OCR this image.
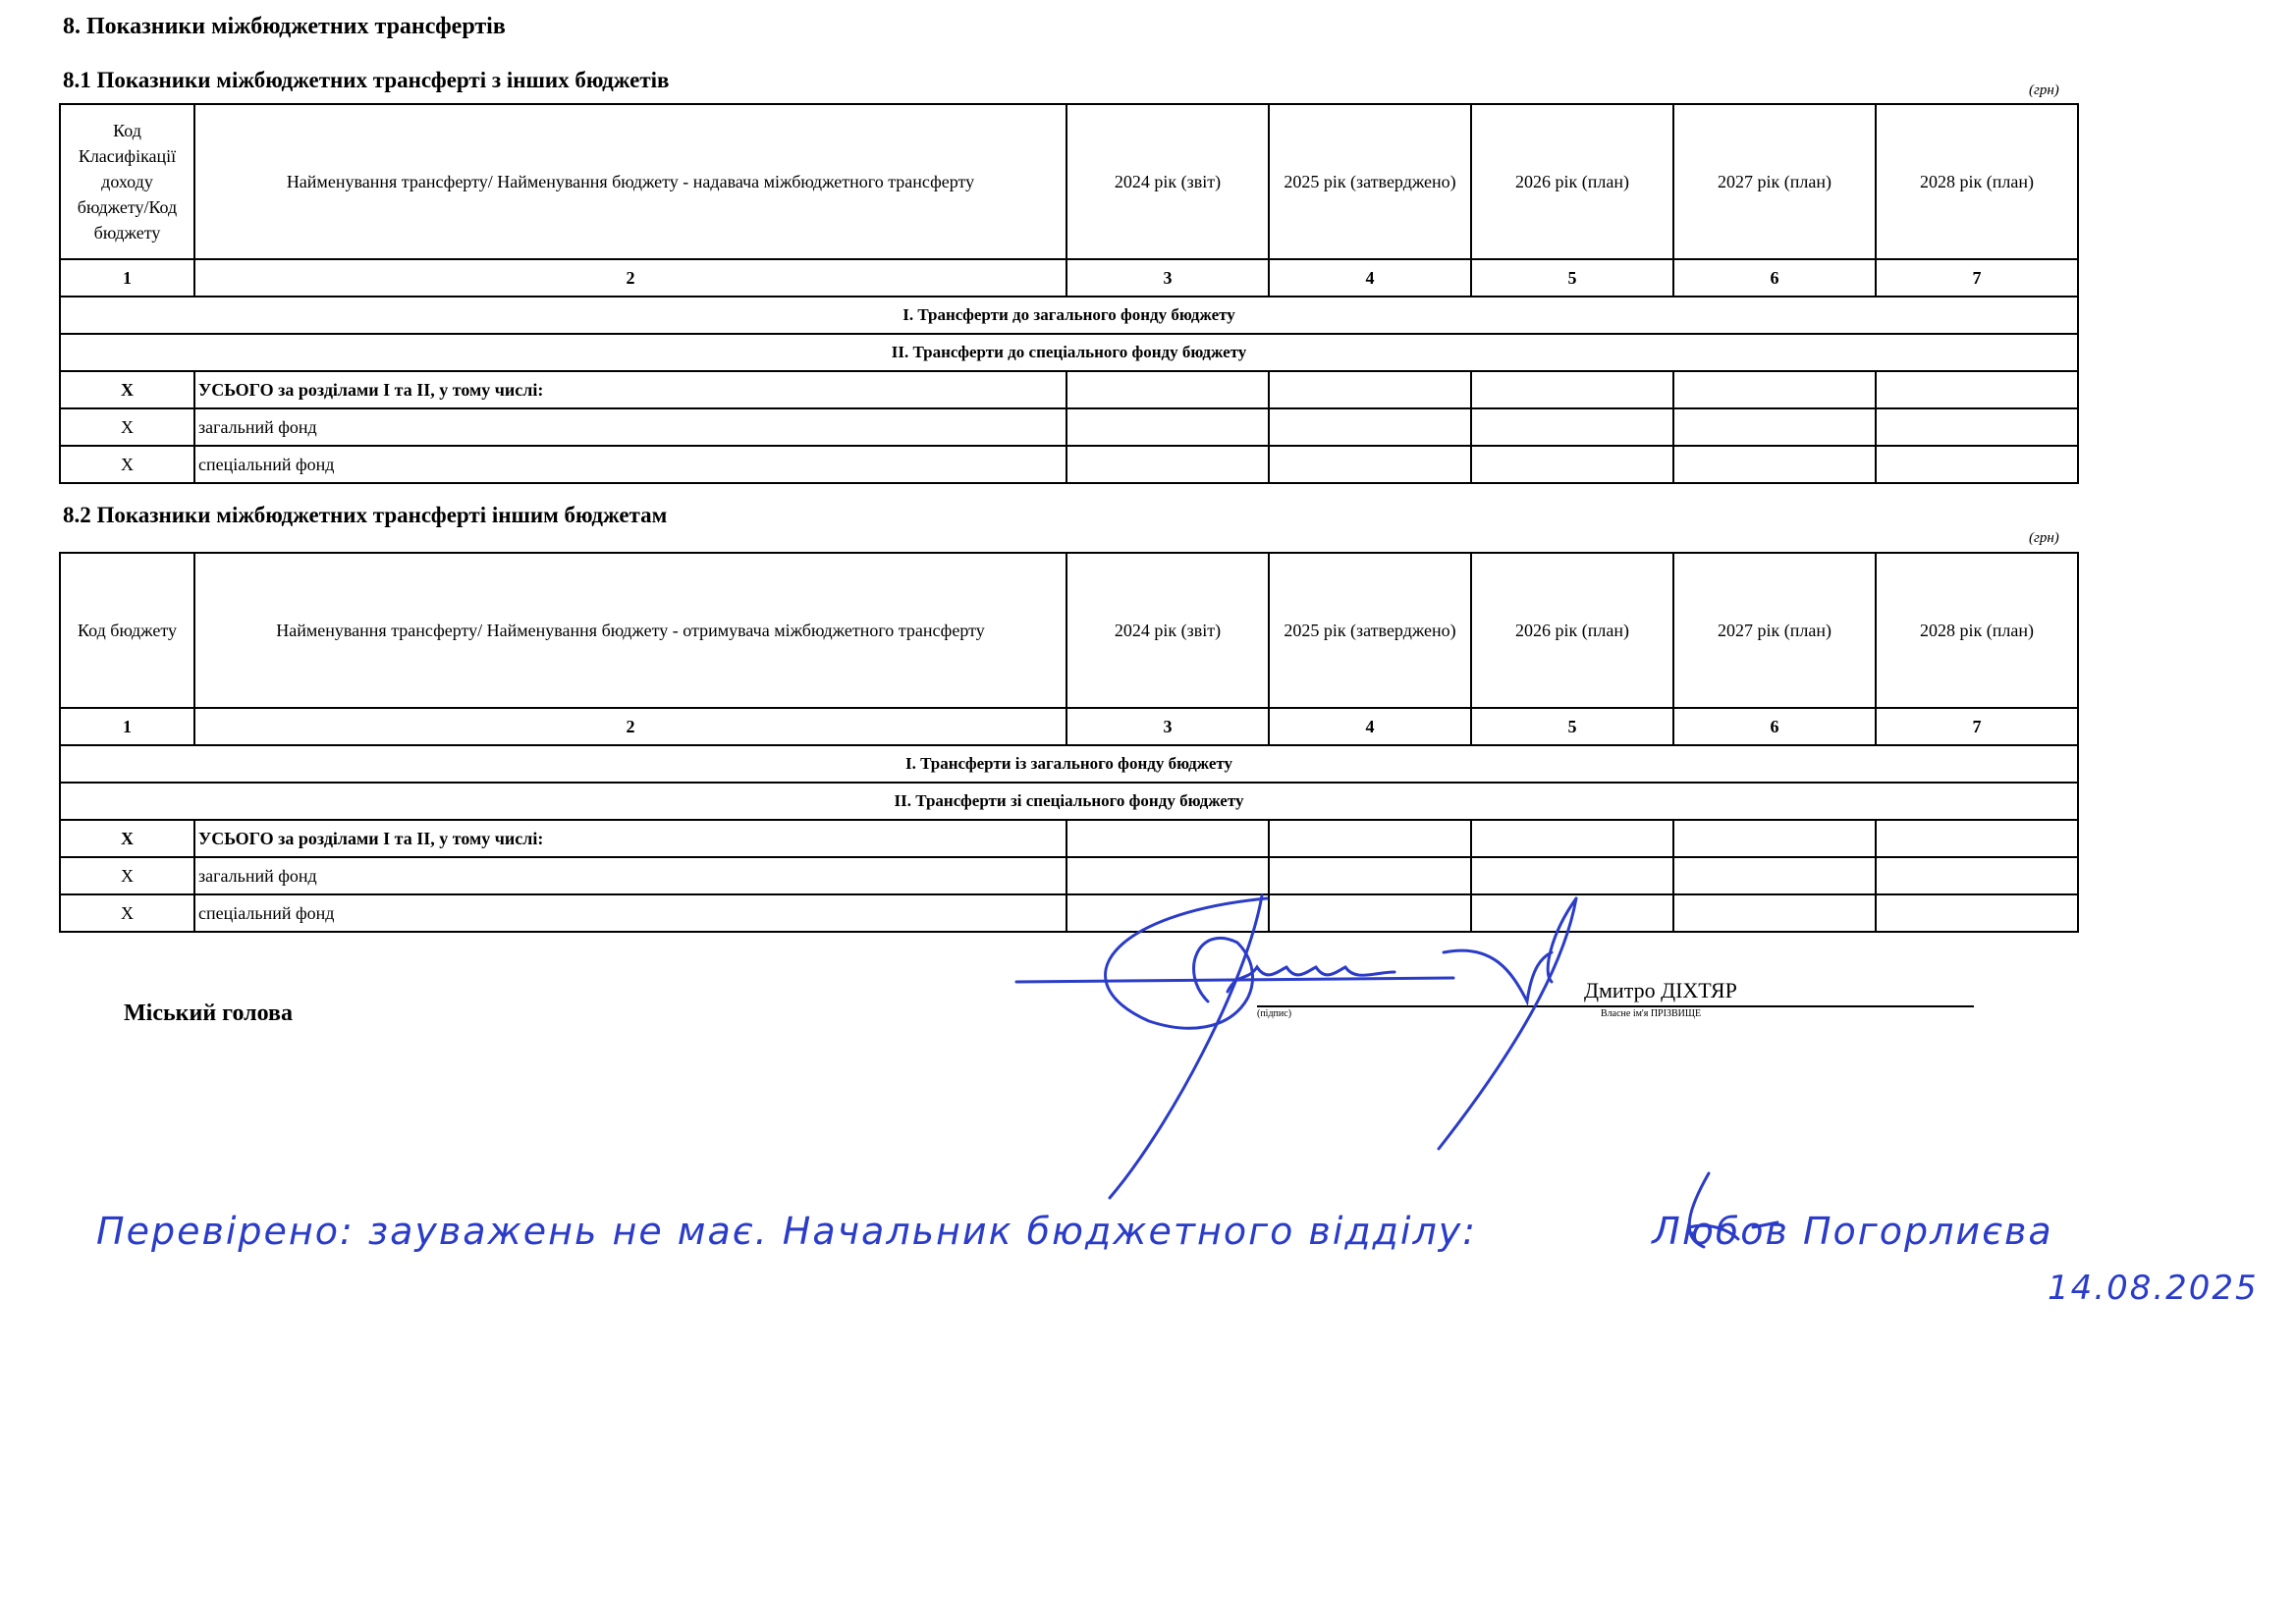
8. Показники міжбюджетних трансфертів
8.1 Показники міжбюджетних трансферті з інших бюджетів	(грн)
Код Класифікації доходу бюджету/Код бюджету	Найменування трансферту/ Найменування бюджету - надавача міжбюджетного трансферту	2024 рік (звіт)	2025 рік (затверджено)	2026 рік (план)	2027 рік (план)	2028 рік (план)
1	2	3	4	5	6	7
І. Трансферти до загального фонду бюджету						
ІІ. Трансферти до спеціального фонду бюджету						
X	УСЬОГО за розділами І та ІІ, у тому числі:					
X	загальний фонд					
X	спеціальний фонд					
8.2 Показники міжбюджетних трансферті іншим бюджетам
(грн)
Код бюджету	Найменування трансферту/ Найменування бюджету - отримувача міжбюджетного трансферту	2024 рік (звіт)	2025 рік (затверджено)	2026 рік (план)	2027 рік (план)	2028 рік (план)
1	2	3	4	5	6	7
І. Трансферти із загального фонду бюджету						
ІІ. Трансферти зі спеціального фонду бюджету						
X	УСЬОГО за розділами І та ІІ, у тому числі:					
X	загальний фонд					
X	спеціальний фонд					
Міський голова	(підпис)
Дмитро ДІХТЯР
Власне ім'я ПРІЗВИЩЕ
Перевірено: зауважень не має. Начальник бюджетного відділу:	Любов Погорлиєва
14.08.2025
